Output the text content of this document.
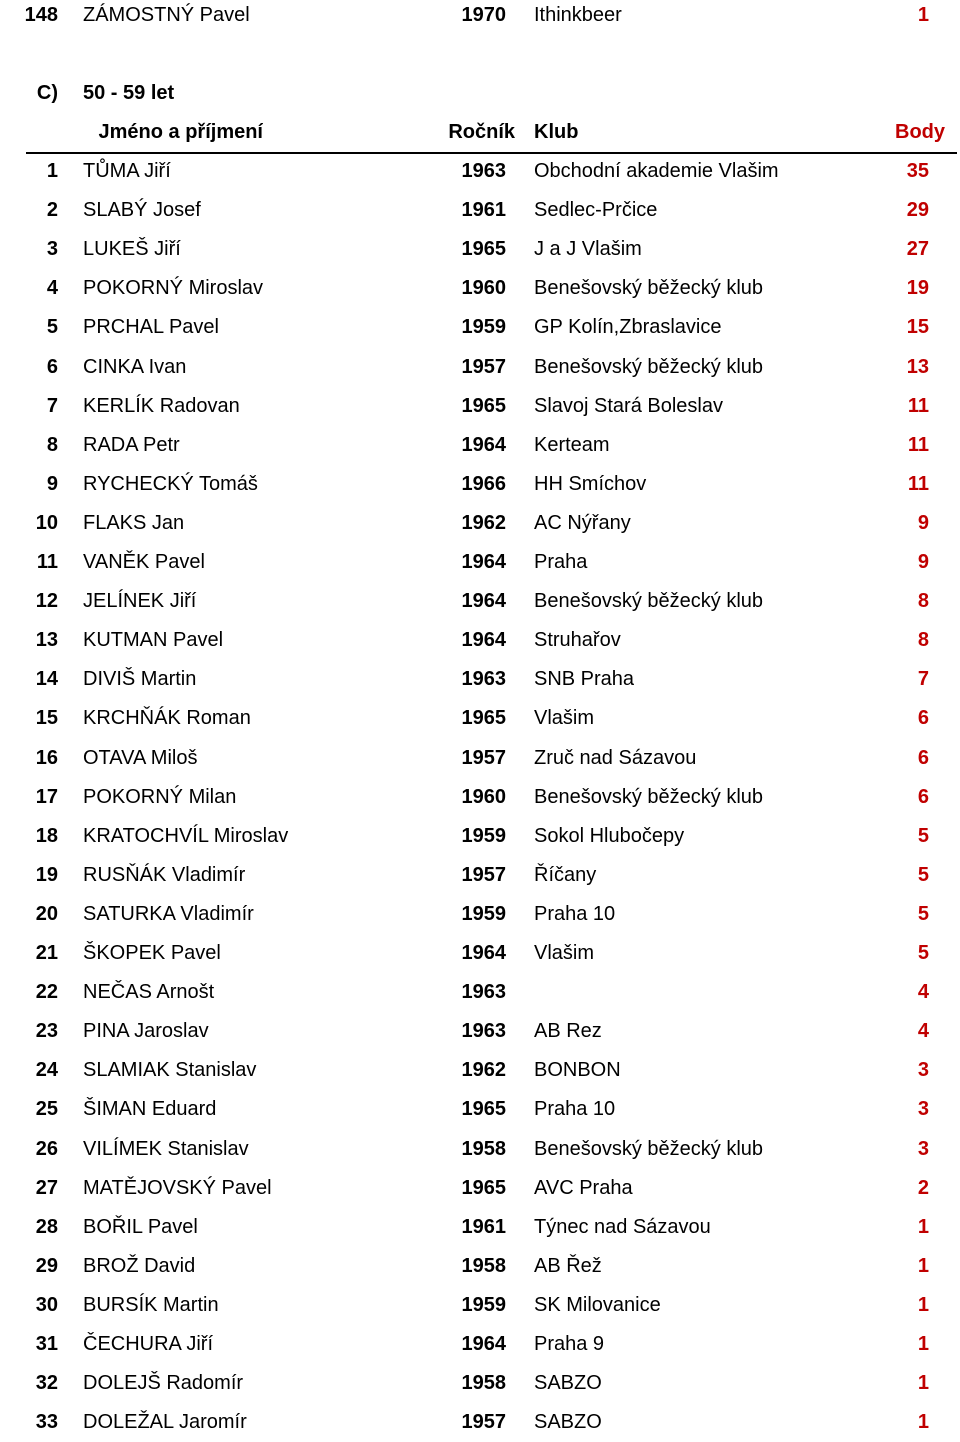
148 ZÁMOSTNÝ Pavel	1970 Ithinkbeer	1
C) 50 - 59 let
Jméno a příjmení	Ročník Klub	Body
1 TŮMA Jiří	1963 Obchodní akademie Vlašim	35
2 SLABÝ Josef	1961 Sedlec-Prčice	29
3 LUKEŠ Jiří	1965 J a J Vlašim	27
4 POKORNÝ Miroslav	1960 Benešovský běžecký klub	19
5 PRCHAL Pavel	1959 GP Kolín,Zbraslavice	15
6 CINKA Ivan	1957 Benešovský běžecký klub	13
7 KERLÍK Radovan	1965 Slavoj Stará Boleslav	11
8 RADA Petr	1964 Kerteam	11
9 RYCHECKÝ Tomáš	1966 HH Smíchov	11
10 FLAKS Jan	1962 AC Nýřany	9
11 VANĚK Pavel	1964 Praha	9
12 JELÍNEK Jiří	1964 Benešovský běžecký klub	8
13 KUTMAN Pavel	1964 Struhařov	8
14 DIVIŠ Martin	1963 SNB Praha	7
15 KRCHŇÁK Roman	1965 Vlašim	6
16 OTAVA Miloš	1957 Zruč nad Sázavou	6
17 POKORNÝ Milan	1960 Benešovský běžecký klub	6
18 KRATOCHVÍL Miroslav	1959 Sokol Hlubočepy	5
19 RUSŇÁK Vladimír	1957 Říčany	5
20 SATURKA Vladimír	1959 Praha 10	5
21 ŠKOPEK Pavel	1964 Vlašim	5
22 NEČAS Arnošt	1963	4
23 PINA Jaroslav	1963 AB Rez	4
24 SLAMIAK Stanislav	1962 BONBON	3
25 ŠIMAN Eduard	1965 Praha 10	3
26 VILÍMEK Stanislav	1958 Benešovský běžecký klub	3
27 MATĚJOVSKÝ Pavel	1965 AVC Praha	2
28 BOŘIL Pavel	1961 Týnec nad Sázavou	1
29 BROŽ David	1958 AB Řež	1
30 BURSÍK Martin	1959 SK Milovanice	1
31 ČECHURA Jiří	1964 Praha 9	1
32 DOLEJŠ Radomír	1958 SABZO	1
33 DOLEŽAL Jaromír	1957 SABZO	1
